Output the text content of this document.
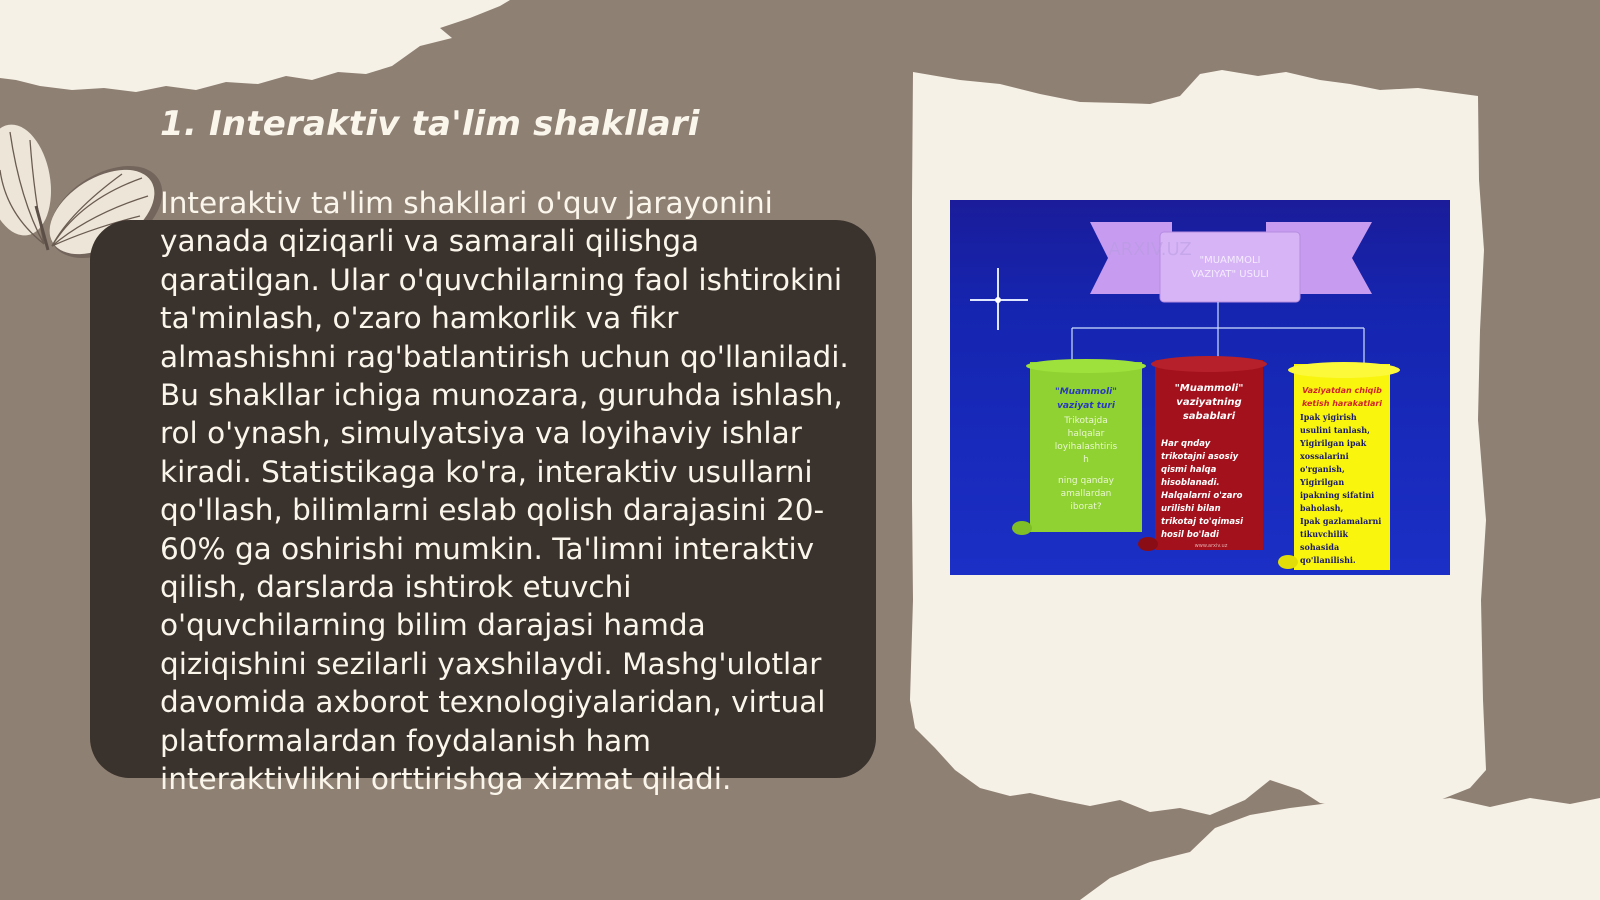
1. Interaktiv ta'lim shakllari

Interaktiv ta'lim shakllari o'quv jarayonini yanada qiziqarli va samarali qilishga qaratilgan. Ular o'quvchilarning faol ishtirokini ta'minlash, o'zaro hamkorlik va fikr almashishni rag'batlantirish uchun qo'llaniladi. Bu shakllar ichiga munozara, guruhda ishlash, rol o'ynash, simulyatsiya va loyihaviy ishlar kiradi. Statistikaga ko'ra, interaktiv usullarni qo'llash, bilimlarni eslab qolish darajasini 20-60% ga oshirishi mumkin. Ta'limni interaktiv qilish, darslarda ishtirok etuvchi o'quvchilarning bilim darajasi hamda qiziqishini sezilarli yaxshilaydi. Mashg'ulotlar davomida axborot texnologiyalaridan, virtual platformalardan foydalanish ham interaktivlikni orttirishga xizmat qiladi.

"MUAMMOLI
VAZIYAT" USULI
ARXIV.UZ
"Muammoli"
vaziyat turi
Trikotajda
halqalar
loyihalashtiris
h
ning qanday
amallardan
iborat?
"Muammoli"
vaziyatning
sabablari
Har qnday
trikotajni asosiy
qismi halqa
hisoblanadi.
Halqalarni o'zaro
urilishi bilan
trikotaj to'qimasi
hosil bo'ladi
www.arxiv.uz
Vaziyatdan chiqib
ketish harakatlari
Ipak yigirish
usulini tanlash,
Yigirilgan ipak
xossalarini
o'rganish,
Yigirilgan
ipakning sifatini
baholash,
Ipak gazlamalarni
tikuvchilik
sohasida
qo'llanilishi.
